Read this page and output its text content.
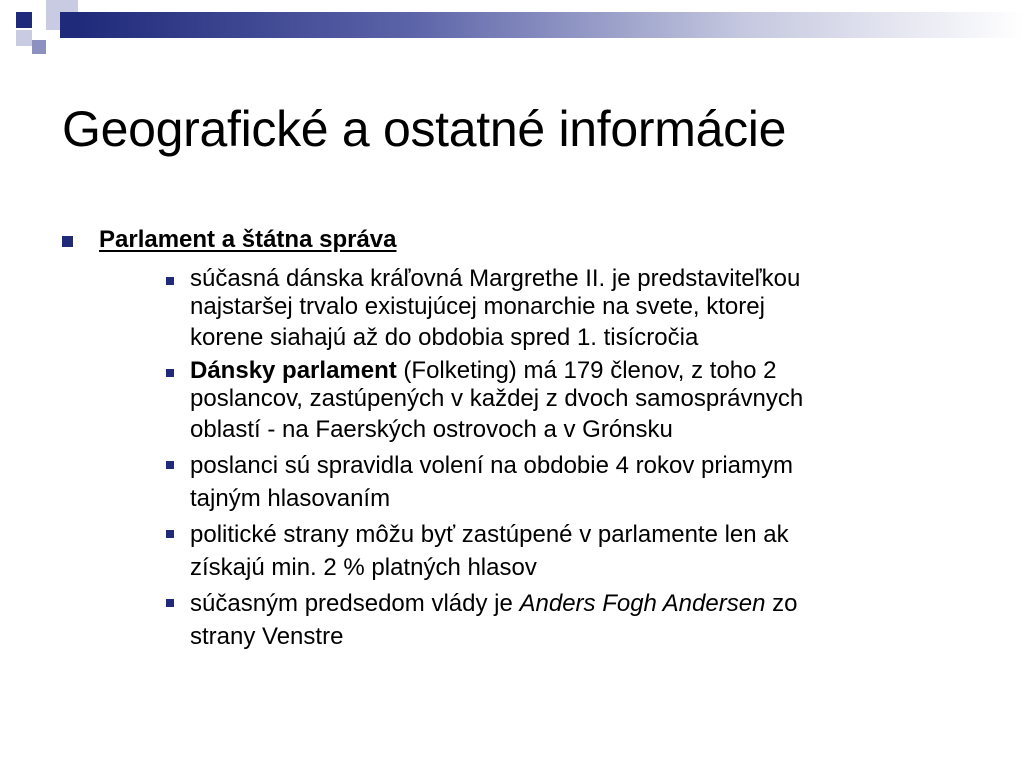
Geografické a ostatné informácie
Parlament a štátna správa
súčasná dánska kráľovná Margrethe II. je predstaviteľkou
najstaršej trvalo existujúcej monarchie na svete, ktorej
korene siahajú až do obdobia spred 1. tisícročia
Dánsky parlament (Folketing) má 179 členov, z toho 2
poslancov, zastúpených v každej z dvoch samosprávnych
oblastí - na Faerských ostrovoch a v Grónsku
poslanci sú spravidla volení na obdobie 4 rokov priamym
tajným hlasovaním
politické strany môžu byť zastúpené v parlamente len ak
získajú min. 2 % platných hlasov
súčasným predsedom vlády je Anders Fogh Andersen zo
strany Venstre
